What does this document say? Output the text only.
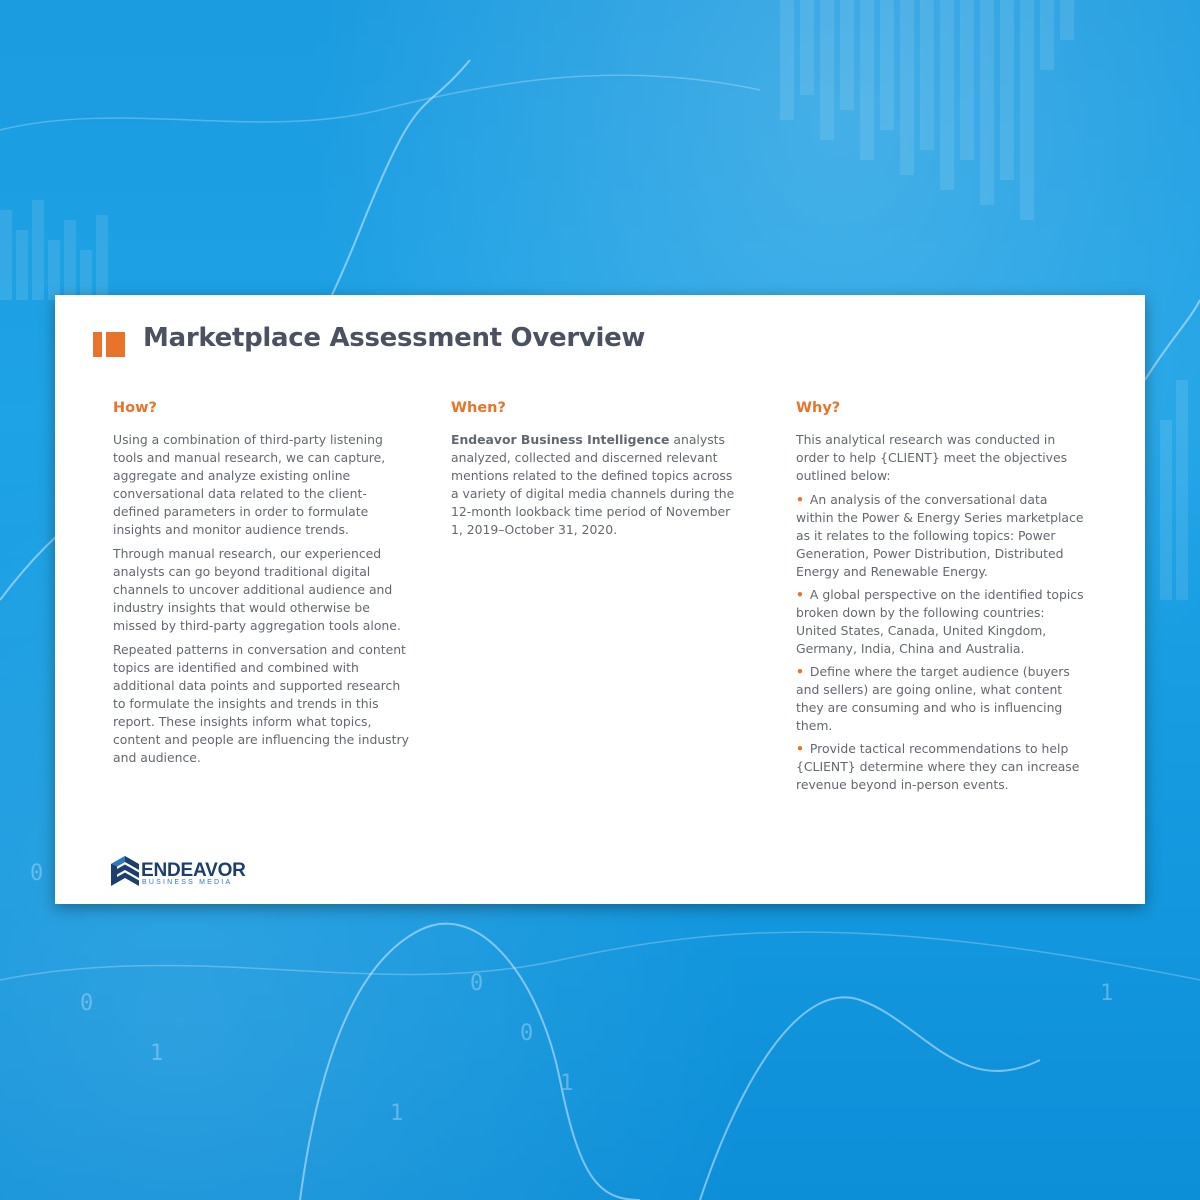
0
1
0
0
1
1
0
1
Marketplace Assessment Overview
How?

Using a combination of third-party listening tools and manual research, we can capture, aggregate and analyze existing online conversational data related to the client-defined parameters in order to formulate insights and monitor audience trends.

Through manual research, our experienced analysts can go beyond traditional digital channels to uncover additional audience and industry insights that would otherwise be missed by third-party aggregation tools alone.

Repeated patterns in conversation and content topics are identified and combined with additional data points and supported research to formulate the insights and trends in this report. These insights inform what topics, content and people are influencing the industry and audience.

When?

Endeavor Business Intelligence analysts analyzed, collected and discerned relevant mentions related to the defined topics across a variety of digital media channels during the 12-month lookback time period of November 1, 2019–October 31, 2020.

Why?

This analytical research was conducted in order to help {CLIENT} meet the objectives outlined below:

• An analysis of the conversational data within the Power & Energy Series marketplace as it relates to the following topics: Power Generation, Power Distribution, Distributed Energy and Renewable Energy.
• A global perspective on the identified topics broken down by the following countries: United States, Canada, United Kingdom, Germany, India, China and Australia.
• Define where the target audience (buyers and sellers) are going online, what content they are consuming and who is influencing them.
• Provide tactical recommendations to help {CLIENT} determine where they can increase revenue beyond in-person events.
ENDEAVOR
BUSINESS MEDIA
